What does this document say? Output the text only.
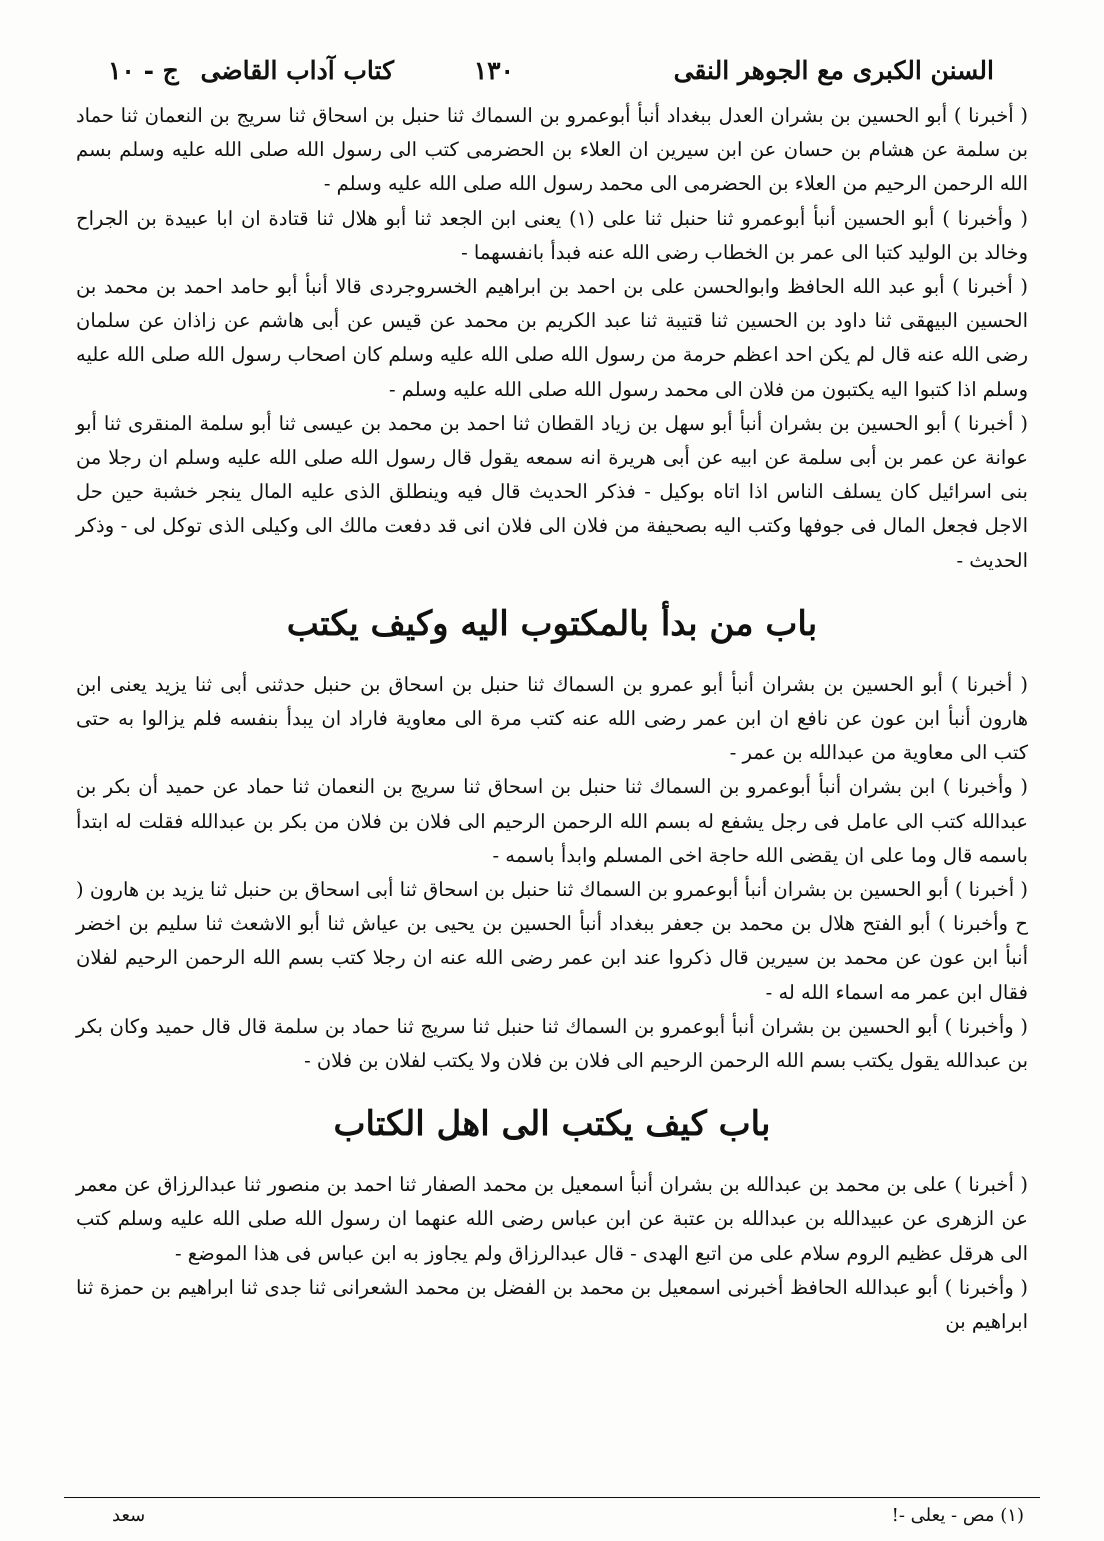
السنن الكبرى مع الجوهر النقى
١٣٠
كتاب آداب القاضى
ج - ١٠

( أخبرنا ) أبو الحسين بن بشران العدل ببغداد أنبأ أبوعمرو بن السماك ثنا حنبل بن اسحاق ثنا سريج بن النعمان ثنا حماد بن سلمة عن هشام بن حسان عن ابن سيرين ان العلاء بن الحضرمى كتب الى رسول الله صلى الله عليه وسلم بسم الله الرحمن الرحيم من العلاء بن الحضرمى الى محمد رسول الله صلى الله عليه وسلم -

( وأخبرنا ) أبو الحسين أنبأ أبوعمرو ثنا حنبل ثنا على (١) يعنى ابن الجعد ثنا أبو هلال ثنا قتادة ان ابا عبيدة بن الجراح وخالد بن الوليد كتبا الى عمر بن الخطاب رضى الله عنه فبدأ بانفسهما -

( أخبرنا ) أبو عبد الله الحافظ وابوالحسن على بن احمد بن ابراهيم الخسروجردى قالا أنبأ أبو حامد احمد بن محمد بن الحسين البيهقى ثنا داود بن الحسين ثنا قتيبة ثنا عبد الكريم بن محمد عن قيس عن أبى هاشم عن زاذان عن سلمان رضى الله عنه قال لم يكن احد اعظم حرمة من رسول الله صلى الله عليه وسلم كان اصحاب رسول الله صلى الله عليه وسلم اذا كتبوا اليه يكتبون من فلان الى محمد رسول الله صلى الله عليه وسلم -

( أخبرنا ) أبو الحسين بن بشران أنبأ أبو سهل بن زياد القطان ثنا احمد بن محمد بن عيسى ثنا أبو سلمة المنقرى ثنا أبو عوانة عن عمر بن أبى سلمة عن ابيه عن أبى هريرة انه سمعه يقول قال رسول الله صلى الله عليه وسلم ان رجلا من بنى اسرائيل كان يسلف الناس اذا اتاه بوكيل - فذكر الحديث قال فيه وينطلق الذى عليه المال ينجر خشبة حين حل الاجل فجعل المال فى جوفها وكتب اليه بصحيفة من فلان الى فلان انى قد دفعت مالك الى وكيلى الذى توكل لى - وذكر الحديث -

باب من بدأ بالمكتوب اليه وكيف يكتب

( أخبرنا ) أبو الحسين بن بشران أنبأ أبو عمرو بن السماك ثنا حنبل بن اسحاق بن حنبل حدثنى أبى ثنا يزيد يعنى ابن هارون أنبأ ابن عون عن نافع ان ابن عمر رضى الله عنه كتب مرة الى معاوية فاراد ان يبدأ بنفسه فلم يزالوا به حتى كتب الى معاوية من عبدالله بن عمر -

( وأخبرنا ) ابن بشران أنبأ أبوعمرو بن السماك ثنا حنبل بن اسحاق ثنا سريج بن النعمان ثنا حماد عن حميد أن بكر بن عبدالله كتب الى عامل فى رجل يشفع له بسم الله الرحمن الرحيم الى فلان بن فلان من بكر بن عبدالله فقلت له ابتدأ باسمه قال وما على ان يقضى الله حاجة اخى المسلم وابدأ باسمه -

( أخبرنا ) أبو الحسين بن بشران أنبأ أبوعمرو بن السماك ثنا حنبل بن اسحاق ثنا أبى اسحاق بن حنبل ثنا يزيد بن هارون ( ح وأخبرنا ) أبو الفتح هلال بن محمد بن جعفر ببغداد أنبأ الحسين بن يحيى بن عياش ثنا أبو الاشعث ثنا سليم بن اخضر أنبأ ابن عون عن محمد بن سيرين قال ذكروا عند ابن عمر رضى الله عنه ان رجلا كتب بسم الله الرحمن الرحيم لفلان فقال ابن عمر مه اسماء الله له -

( وأخبرنا ) أبو الحسين بن بشران أنبأ أبوعمرو بن السماك ثنا حنبل ثنا سريج ثنا حماد بن سلمة قال قال حميد وكان بكر بن عبدالله يقول يكتب بسم الله الرحمن الرحيم الى فلان بن فلان ولا يكتب لفلان بن فلان -

باب كيف يكتب الى اهل الكتاب

( أخبرنا ) على بن محمد بن عبدالله بن بشران أنبأ اسمعيل بن محمد الصفار ثنا احمد بن منصور ثنا عبدالرزاق عن معمر عن الزهرى عن عبيدالله بن عبدالله بن عتبة عن ابن عباس رضى الله عنهما ان رسول الله صلى الله عليه وسلم كتب الى هرقل عظيم الروم سلام على من اتبع الهدى - قال عبدالرزاق ولم يجاوز به ابن عباس فى هذا الموضع -

( وأخبرنا ) أبو عبدالله الحافظ أخبرنى اسمعيل بن محمد بن الفضل بن محمد الشعرانى ثنا جدى ثنا ابراهيم بن حمزة ثنا ابراهيم بن

(١) مص - يعلى -!
سعد
